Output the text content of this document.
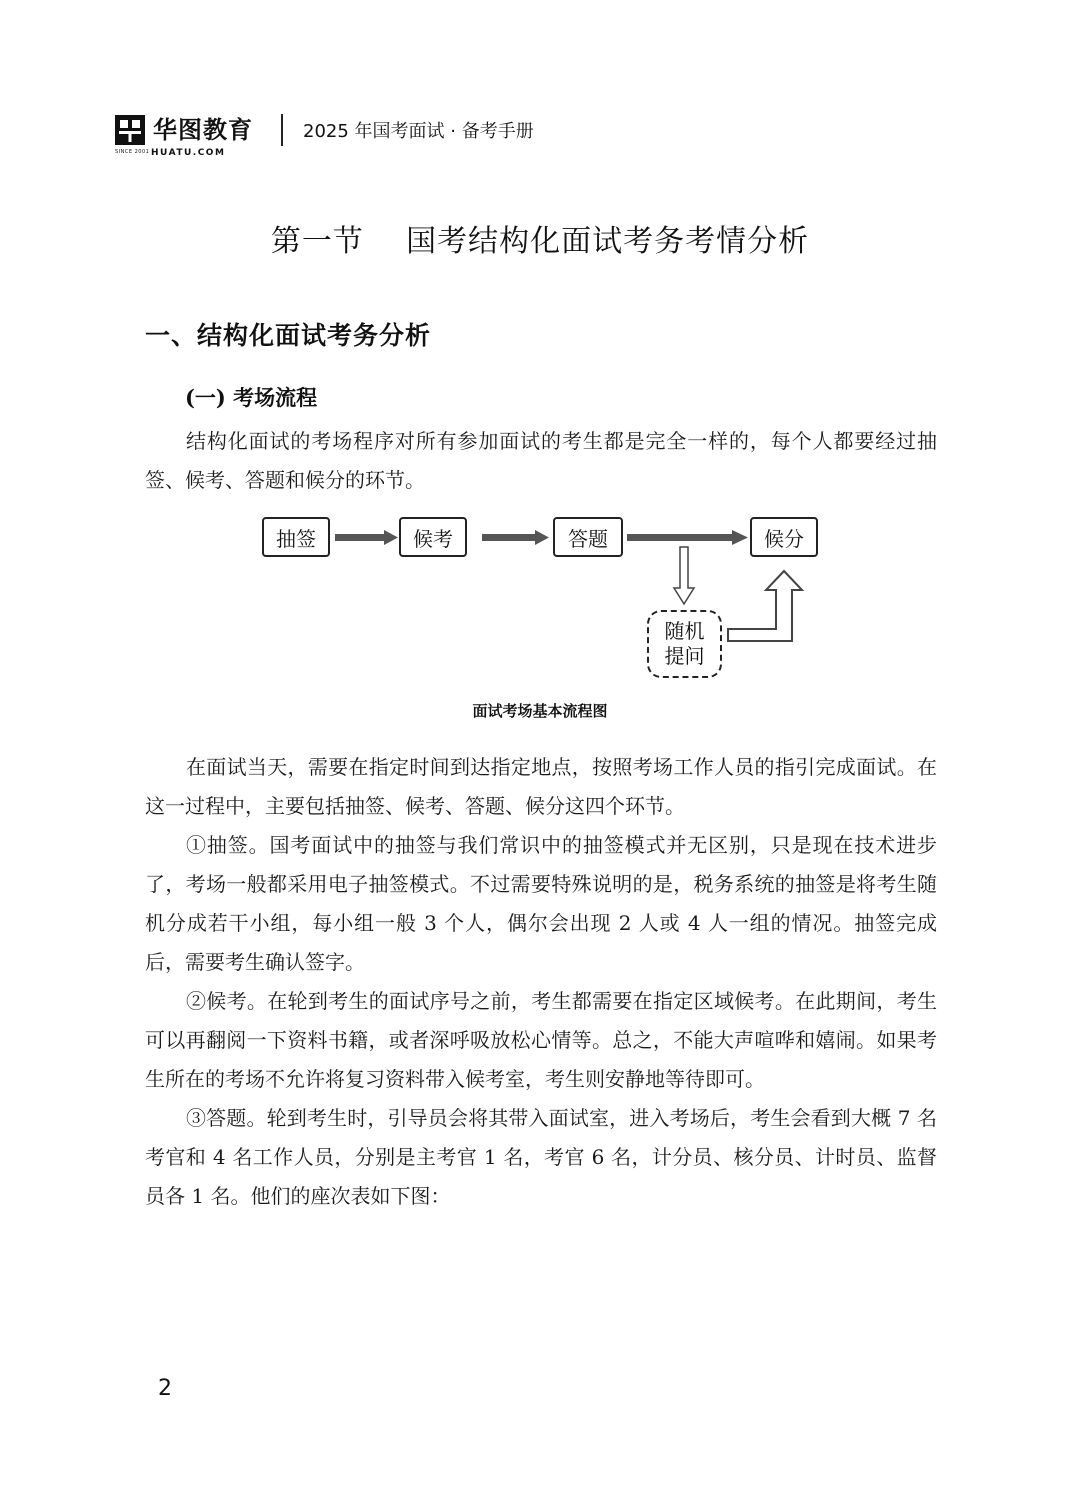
SINCE 2001
华图教育
HUATU.COM
2025 年国考面试 · 备考手册
第一节    国考结构化面试考务考情分析
一、结构化面试考务分析
(一) 考场流程

结构化面试的考场程序对所有参加面试的考生都是完全一样的，每个人都要经过抽签、候考、答题和候分的环节。

抽签	候考	答题	候分
随机
提问
面试考场基本流程图

在面试当天，需要在指定时间到达指定地点，按照考场工作人员的指引完成面试。在这一过程中，主要包括抽签、候考、答题、候分这四个环节。

①抽签。国考面试中的抽签与我们常识中的抽签模式并无区别，只是现在技术进步了，考场一般都采用电子抽签模式。不过需要特殊说明的是，税务系统的抽签是将考生随机分成若干小组，每小组一般 3 个人，偶尔会出现 2 人或 4 人一组的情况。抽签完成后，需要考生确认签字。

②候考。在轮到考生的面试序号之前，考生都需要在指定区域候考。在此期间，考生可以再翻阅一下资料书籍，或者深呼吸放松心情等。总之，不能大声喧哗和嬉闹。如果考生所在的考场不允许将复习资料带入候考室，考生则安静地等待即可。

③答题。轮到考生时，引导员会将其带入面试室，进入考场后，考生会看到大概 7 名考官和 4 名工作人员，分别是主考官 1 名，考官 6 名，计分员、核分员、计时员、监督员各 1 名。他们的座次表如下图：

2
